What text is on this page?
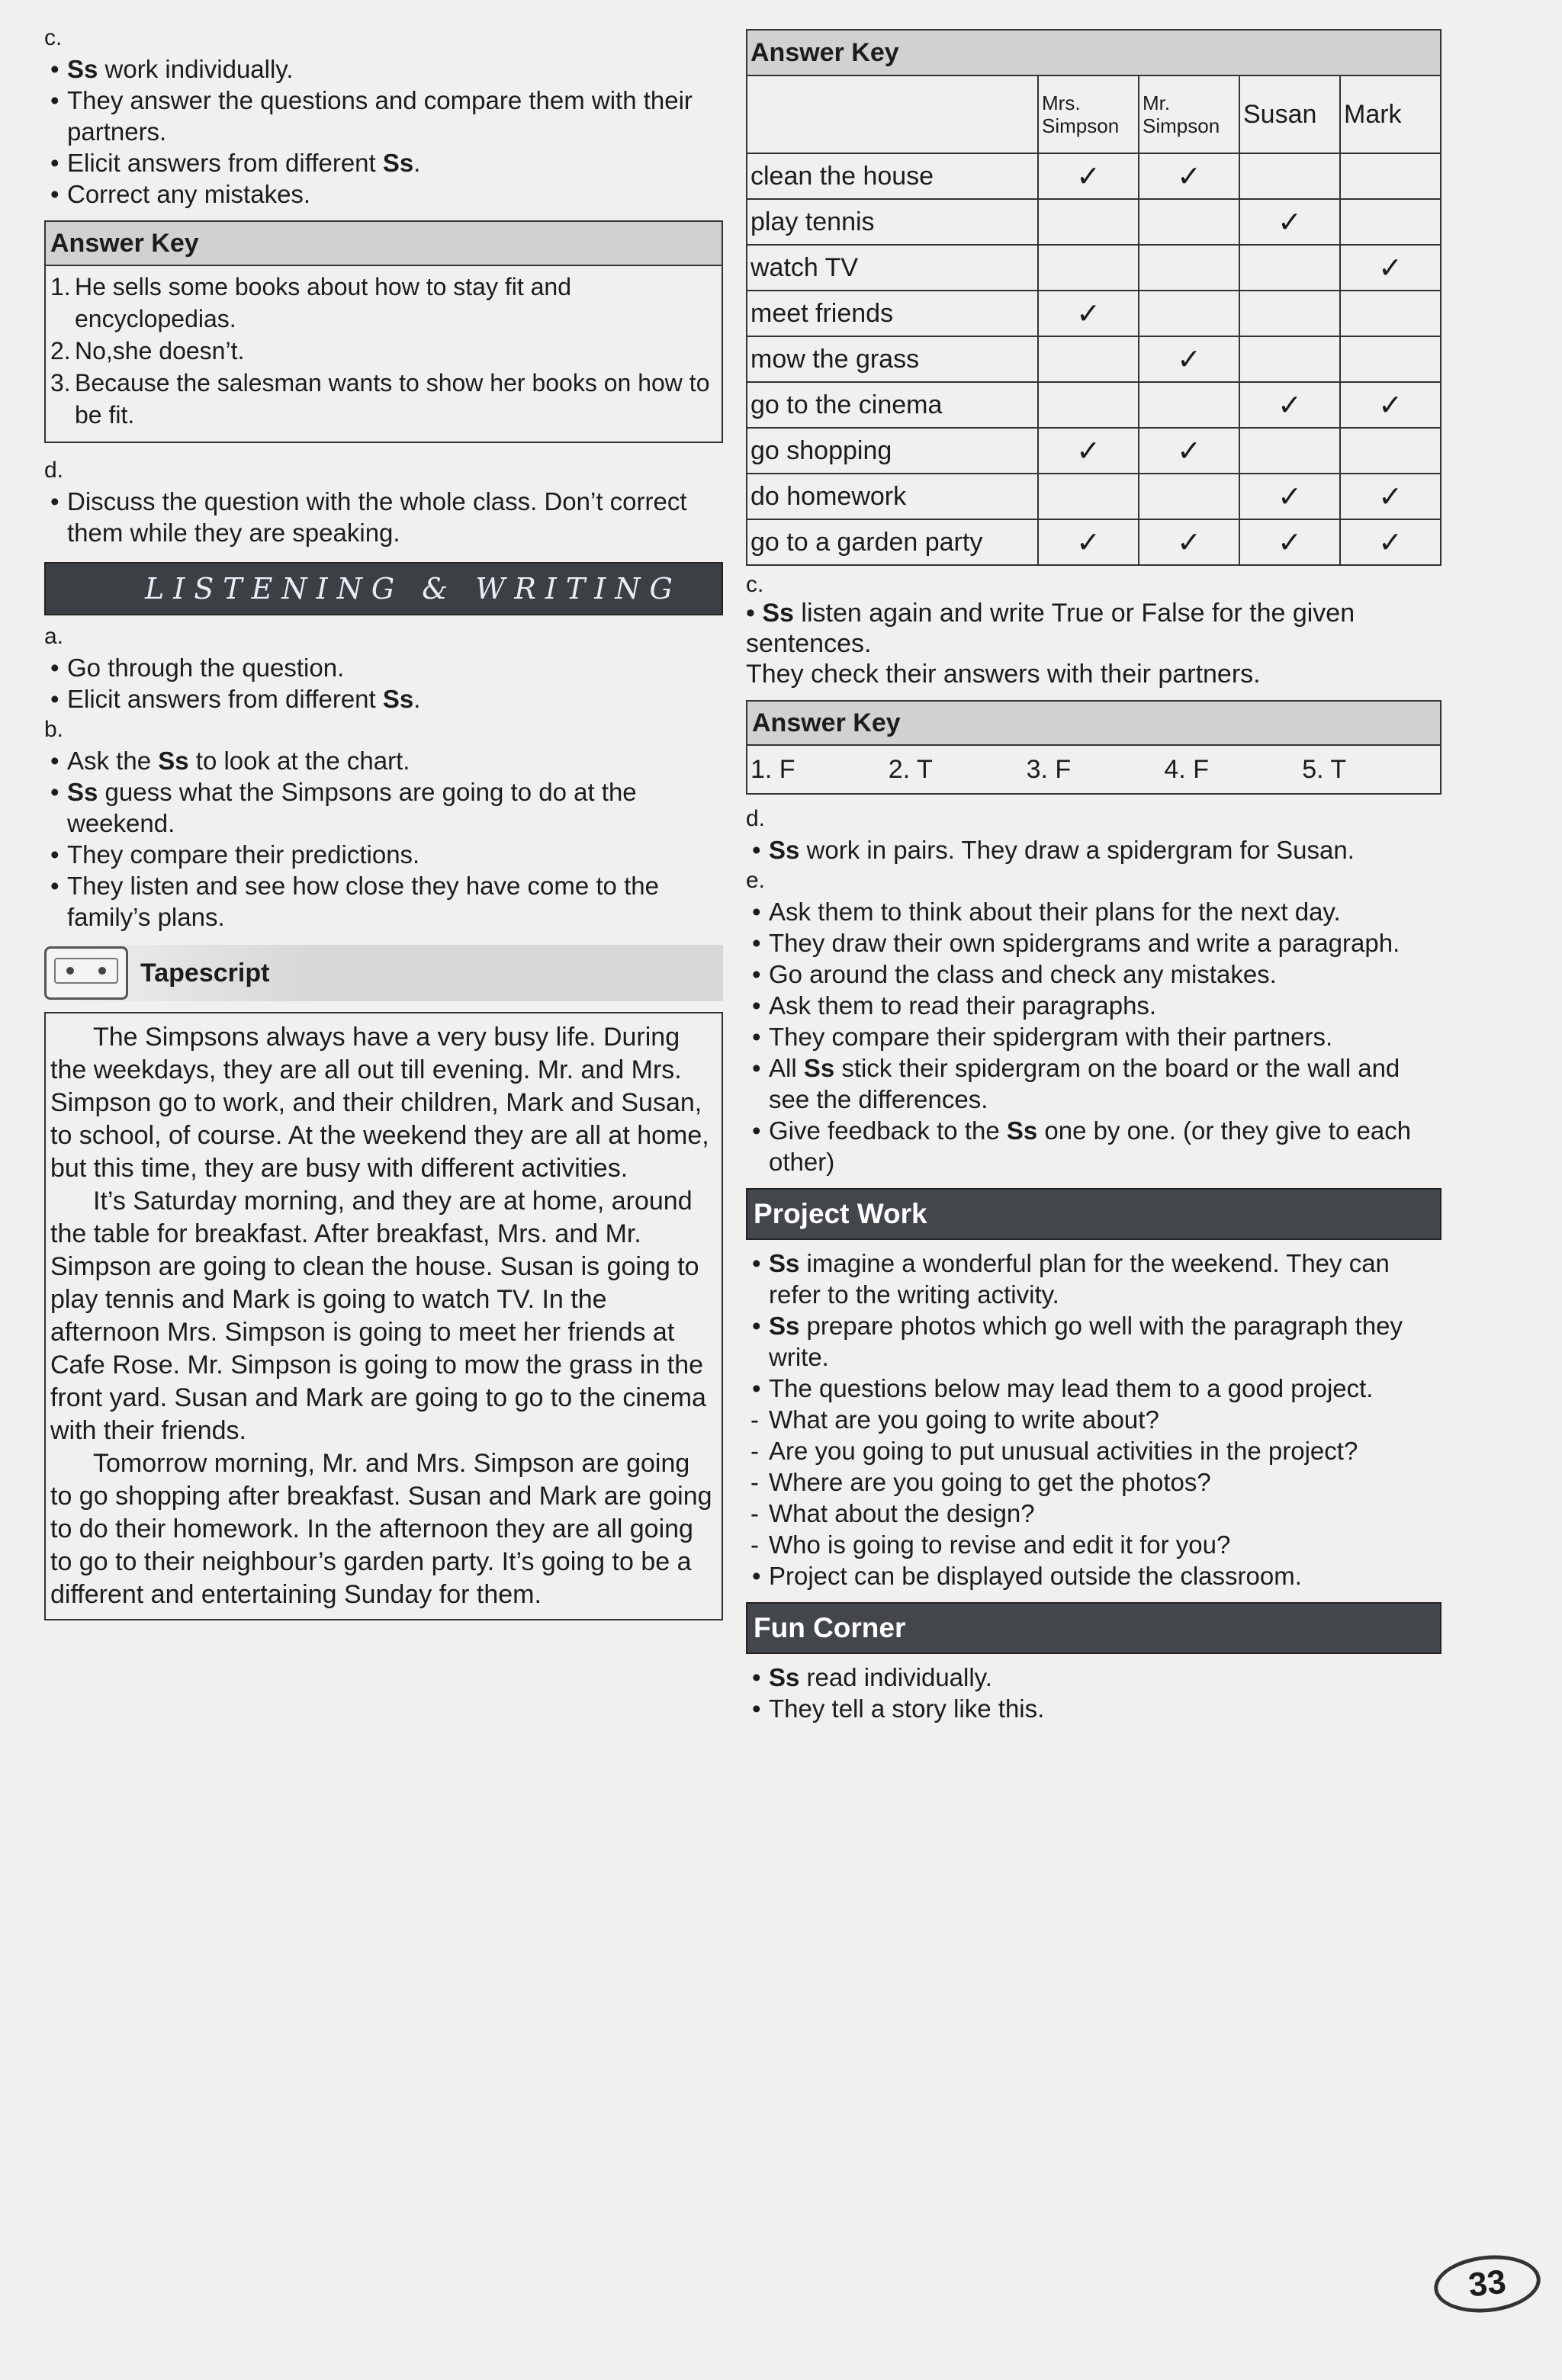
c.

• Ss work individually.
• They answer the questions and compare them with their partners.
• Elicit answers from different Ss.
• Correct any mistakes.
Answer Key
1. He sells some books about how to stay fit and encyclopedias.
2. No,she doesn’t.
3. Because the salesman wants to show her books on how to be fit.

d.

• Discuss the question with the whole class. Don’t correct them while they are speaking.
LISTENING & WRITING

a.

• Go through the question.
• Elicit answers from different Ss.

b.

• Ask the Ss to look at the chart.
• Ss guess what the Simpsons are going to do at the weekend.
• They compare their predictions.
• They listen and see how close they have come to the family’s plans.
Tapescript

The Simpsons always have a very busy life. During the weekdays, they are all out till evening. Mr. and Mrs. Simpson go to work, and their children, Mark and Susan, to school, of course. At the weekend they are all at home, but this time, they are busy with different activities.

It’s Saturday morning, and they are at home, around the table for breakfast. After breakfast, Mrs. and Mr. Simpson are going to clean the house. Susan is going to play tennis and Mark is going to watch TV. In the afternoon Mrs. Simpson is going to meet her friends at Cafe Rose. Mr. Simpson is going to mow the grass in the front yard. Susan and Mark are going to go to the cinema with their friends.

Tomorrow morning, Mr. and Mrs. Simpson are going to go shopping after breakfast. Susan and Mark are going to do their homework. In the afternoon they are all going to go to their neighbour’s garden party. It’s going to be a different and entertaining Sunday for them.

Answer Key				
	Mrs. Simpson	Mr. Simpson	Susan	Mark
clean the house	✓	✓		
play tennis			✓	
watch TV				✓
meet friends	✓			
mow the grass		✓		
go to the cinema			✓	✓
go shopping	✓	✓		
do homework			✓	✓
go to a garden party	✓	✓	✓	✓

c.

• Ss listen again and write True or False for the given sentences.
They check their answers with their partners.
Answer Key
1. F	2. T	3. F	4. F	5. T

d.

• Ss work in pairs. They draw a spidergram for Susan.

e.

• Ask them to think about their plans for the next day.
• They draw their own spidergrams and write a paragraph.
• Go around the class and check any mistakes.
• Ask them to read their paragraphs.
• They compare their spidergram with their partners.
• All Ss stick their spidergram on the board or the wall and see the differences.
• Give feedback to the Ss one by one. (or they give to each other)
Project Work
• Ss imagine a wonderful plan for the weekend. They can refer to the writing activity.
• Ss prepare photos which go well with the paragraph they write.
• The questions below may lead them to a good project.
- What are you going to write about?
- Are you going to put unusual activities in the project?
- Where are you going to get the photos?
- What about the design?
- Who is going to revise and edit it for you?
• Project can be displayed outside the classroom.
Fun Corner
• Ss read individually.
• They tell a story like this.
33
